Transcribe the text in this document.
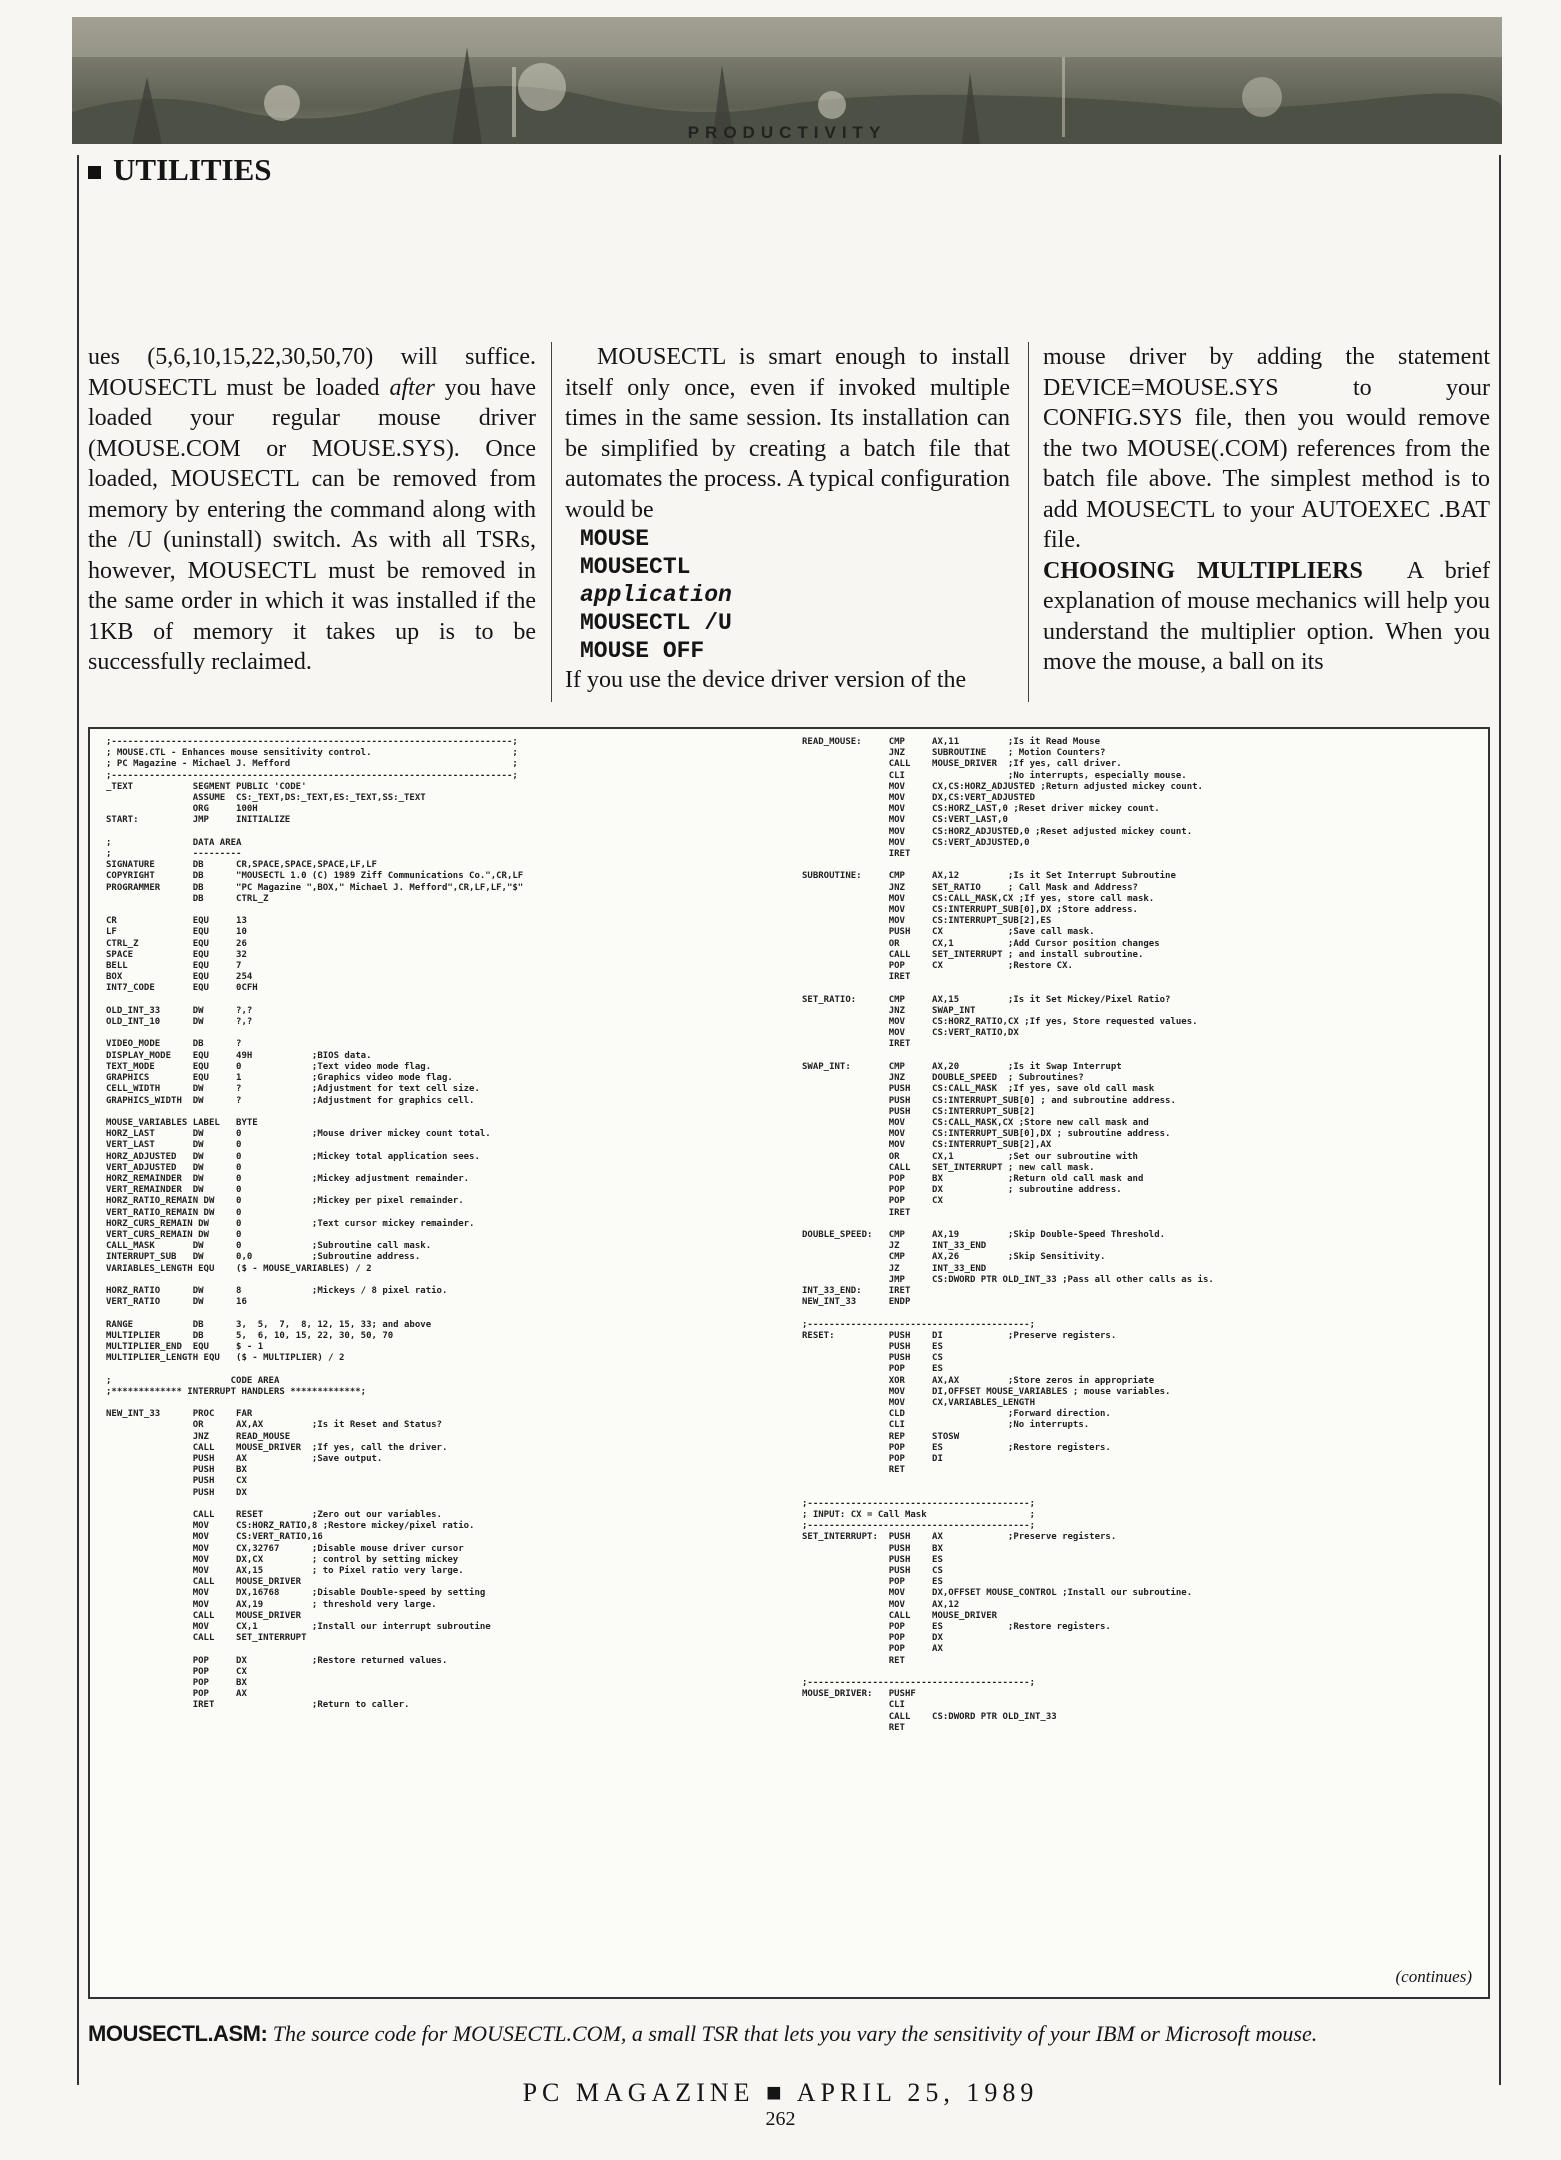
PRODUCTIVITY
UTILITIES

ues (5,6,10,15,22,30,50,70) will suffice. MOUSECTL must be loaded after you have loaded your regular mouse driver (MOUSE.COM or MOUSE.SYS). Once loaded, MOUSECTL can be removed from memory by entering the command along with the /U (uninstall) switch. As with all TSRs, however, MOUSECTL must be removed in the same order in which it was installed if the 1KB of memory it takes up is to be successfully reclaimed.

MOUSECTL is smart enough to install itself only once, even if invoked multiple times in the same session. Its installation can be simplified by creating a batch file that automates the process. A typical configuration would be

MOUSE
MOUSECTL
application
MOUSECTL /U
MOUSE OFF

If you use the device driver version of the

mouse driver by adding the statement DEVICE=MOUSE.SYS to your CONFIG.SYS file, then you would remove the two MOUSE(.COM) references from the batch file above. The simplest method is to add MOUSECTL to your AUTOEXEC .BAT file.

CHOOSING MULTIPLIERS A brief explanation of mouse mechanics will help you understand the multiplier option. When you move the mouse, a ball on its

;--------------------------------------------------------------------------;
; MOUSE.CTL - Enhances mouse sensitivity control.                          ;
; PC Magazine - Michael J. Mefford                                         ;
;--------------------------------------------------------------------------;
_TEXT           SEGMENT PUBLIC 'CODE'
ASSUME  CS:_TEXT,DS:_TEXT,ES:_TEXT,SS:_TEXT
ORG     100H
START:          JMP     INITIALIZE

;               DATA AREA
;               ---------
SIGNATURE       DB      CR,SPACE,SPACE,SPACE,LF,LF
COPYRIGHT       DB      "MOUSECTL 1.0 (C) 1989 Ziff Communications Co.",CR,LF
PROGRAMMER      DB      "PC Magazine ",BOX," Michael J. Mefford",CR,LF,LF,"$"
DB      CTRL_Z

CR              EQU     13
LF              EQU     10
CTRL_Z          EQU     26
SPACE           EQU     32
BELL            EQU     7
BOX             EQU     254
INT7_CODE       EQU     0CFH

OLD_INT_33      DW      ?,?
OLD_INT_10      DW      ?,?

VIDEO_MODE      DB      ?
DISPLAY_MODE    EQU     49H           ;BIOS data.
TEXT_MODE       EQU     0             ;Text video mode flag.
GRAPHICS        EQU     1             ;Graphics video mode flag.
CELL_WIDTH      DW      ?             ;Adjustment for text cell size.
GRAPHICS_WIDTH  DW      ?             ;Adjustment for graphics cell.

MOUSE_VARIABLES LABEL   BYTE
HORZ_LAST       DW      0             ;Mouse driver mickey count total.
VERT_LAST       DW      0
HORZ_ADJUSTED   DW      0             ;Mickey total application sees.
VERT_ADJUSTED   DW      0
HORZ_REMAINDER  DW      0             ;Mickey adjustment remainder.
VERT_REMAINDER  DW      0
HORZ_RATIO_REMAIN DW    0             ;Mickey per pixel remainder.
VERT_RATIO_REMAIN DW    0
HORZ_CURS_REMAIN DW     0             ;Text cursor mickey remainder.
VERT_CURS_REMAIN DW     0
CALL_MASK       DW      0             ;Subroutine call mask.
INTERRUPT_SUB   DW      0,0           ;Subroutine address.
VARIABLES_LENGTH EQU    ($ - MOUSE_VARIABLES) / 2

HORZ_RATIO      DW      8             ;Mickeys / 8 pixel ratio.
VERT_RATIO      DW      16

RANGE           DB      3,  5,  7,  8, 12, 15, 33; and above
MULTIPLIER      DB      5,  6, 10, 15, 22, 30, 50, 70
MULTIPLIER_END  EQU     $ - 1
MULTIPLIER_LENGTH EQU   ($ - MULTIPLIER) / 2

;                      CODE AREA
;************* INTERRUPT HANDLERS *************;

NEW_INT_33      PROC    FAR
OR      AX,AX         ;Is it Reset and Status?
JNZ     READ_MOUSE
CALL    MOUSE_DRIVER  ;If yes, call the driver.
PUSH    AX            ;Save output.
PUSH    BX
PUSH    CX
PUSH    DX

CALL    RESET         ;Zero out our variables.
MOV     CS:HORZ_RATIO,8 ;Restore mickey/pixel ratio.
MOV     CS:VERT_RATIO,16
MOV     CX,32767      ;Disable mouse driver cursor
MOV     DX,CX         ; control by setting mickey
MOV     AX,15         ; to Pixel ratio very large.
CALL    MOUSE_DRIVER
MOV     DX,16768      ;Disable Double-speed by setting
MOV     AX,19         ; threshold very large.
CALL    MOUSE_DRIVER
MOV     CX,1          ;Install our interrupt subroutine
CALL    SET_INTERRUPT

POP     DX            ;Restore returned values.
POP     CX
POP     BX
POP     AX
IRET                  ;Return to caller.
READ_MOUSE:     CMP     AX,11         ;Is it Read Mouse
JNZ     SUBROUTINE    ; Motion Counters?
CALL    MOUSE_DRIVER  ;If yes, call driver.
CLI                   ;No interrupts, especially mouse.
MOV     CX,CS:HORZ_ADJUSTED ;Return adjusted mickey count.
MOV     DX,CS:VERT_ADJUSTED
MOV     CS:HORZ_LAST,0 ;Reset driver mickey count.
MOV     CS:VERT_LAST,0
MOV     CS:HORZ_ADJUSTED,0 ;Reset adjusted mickey count.
MOV     CS:VERT_ADJUSTED,0
IRET

SUBROUTINE:     CMP     AX,12         ;Is it Set Interrupt Subroutine
JNZ     SET_RATIO     ; Call Mask and Address?
MOV     CS:CALL_MASK,CX ;If yes, store call mask.
MOV     CS:INTERRUPT_SUB[0],DX ;Store address.
MOV     CS:INTERRUPT_SUB[2],ES
PUSH    CX            ;Save call mask.
OR      CX,1          ;Add Cursor position changes
CALL    SET_INTERRUPT ; and install subroutine.
POP     CX            ;Restore CX.
IRET

SET_RATIO:      CMP     AX,15         ;Is it Set Mickey/Pixel Ratio?
JNZ     SWAP_INT
MOV     CS:HORZ_RATIO,CX ;If yes, Store requested values.
MOV     CS:VERT_RATIO,DX
IRET

SWAP_INT:       CMP     AX,20         ;Is it Swap Interrupt
JNZ     DOUBLE_SPEED  ; Subroutines?
PUSH    CS:CALL_MASK  ;If yes, save old call mask
PUSH    CS:INTERRUPT_SUB[0] ; and subroutine address.
PUSH    CS:INTERRUPT_SUB[2]
MOV     CS:CALL_MASK,CX ;Store new call mask and
MOV     CS:INTERRUPT_SUB[0],DX ; subroutine address.
MOV     CS:INTERRUPT_SUB[2],AX
OR      CX,1          ;Set our subroutine with
CALL    SET_INTERRUPT ; new call mask.
POP     BX            ;Return old call mask and
POP     DX            ; subroutine address.
POP     CX
IRET

DOUBLE_SPEED:   CMP     AX,19         ;Skip Double-Speed Threshold.
JZ      INT_33_END
CMP     AX,26         ;Skip Sensitivity.
JZ      INT_33_END
JMP     CS:DWORD PTR OLD_INT_33 ;Pass all other calls as is.
INT_33_END:     IRET
NEW_INT_33      ENDP

;-----------------------------------------;
RESET:          PUSH    DI            ;Preserve registers.
PUSH    ES
PUSH    CS
POP     ES
XOR     AX,AX         ;Store zeros in appropriate
MOV     DI,OFFSET MOUSE_VARIABLES ; mouse variables.
MOV     CX,VARIABLES_LENGTH
CLD                   ;Forward direction.
CLI                   ;No interrupts.
REP     STOSW
POP     ES            ;Restore registers.
POP     DI
RET

;-----------------------------------------;
; INPUT: CX = Call Mask                   ;
;-----------------------------------------;
SET_INTERRUPT:  PUSH    AX            ;Preserve registers.
PUSH    BX
PUSH    ES
PUSH    CS
POP     ES
MOV     DX,OFFSET MOUSE_CONTROL ;Install our subroutine.
MOV     AX,12
CALL    MOUSE_DRIVER
POP     ES            ;Restore registers.
POP     DX
POP     AX
RET

;-----------------------------------------;
MOUSE_DRIVER:   PUSHF
CLI
CALL    CS:DWORD PTR OLD_INT_33
RET
(continues)
MOUSECTL.ASM: The source code for MOUSECTL.COM, a small TSR that lets you vary the sensitivity of your IBM or Microsoft mouse.
PC MAGAZINE ■ APRIL 25, 1989
262
